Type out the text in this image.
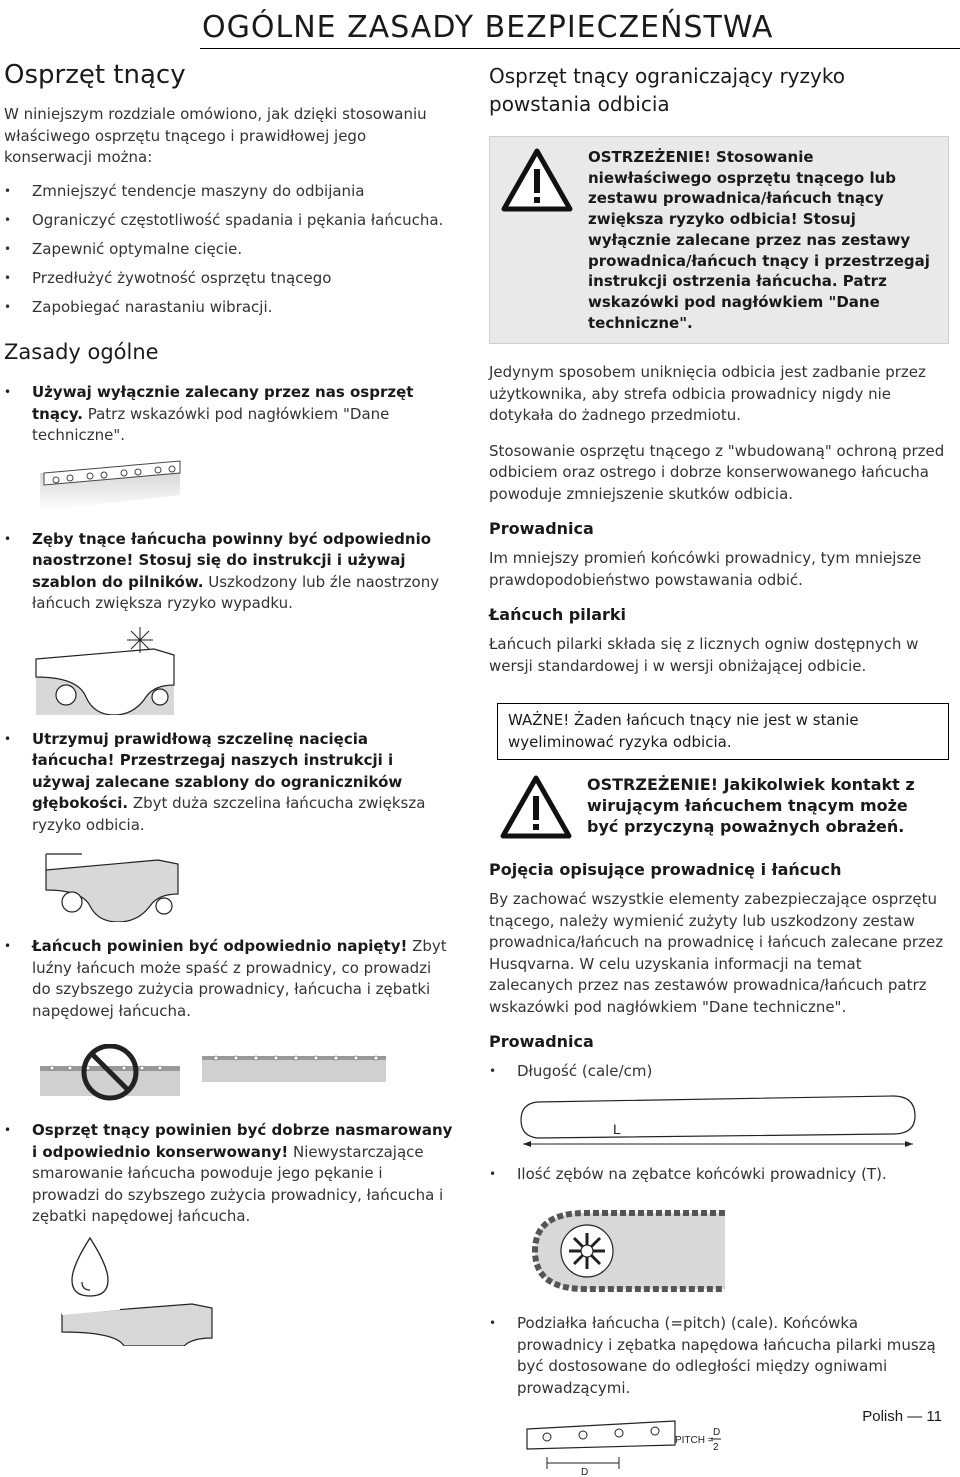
OGÓLNE ZASADY BEZPIECZEŃSTWA
Osprzęt tnący

W niniejszym rozdziale omówiono, jak dzięki stosowaniu właściwego osprzętu tnącego i prawidłowej jego konserwacji można:

• Zmniejszyć tendencje maszyny do odbijania
• Ograniczyć częstotliwość spadania i pękania łańcucha.
• Zapewnić optymalne cięcie.
• Przedłużyć żywotność osprzętu tnącego
• Zapobiegać narastaniu wibracji.
Zasady ogólne
• Używaj wyłącznie zalecany przez nas osprzęt tnący. Patrz wskazówki pod nagłówkiem "Dane techniczne".
• Zęby tnące łańcucha powinny być odpowiednio naostrzone! Stosuj się do instrukcji i używaj szablon do pilników. Uszkodzony lub źle naostrzony łańcuch zwiększa ryzyko wypadku.
• Utrzymuj prawidłową szczelinę nacięcia łańcucha! Przestrzegaj naszych instrukcji i używaj zalecane szablony do ograniczników głębokości. Zbyt duża szczelina łańcucha zwiększa ryzyko odbicia.
• Łańcuch powinien być odpowiednio napięty! Zbyt luźny łańcuch może spaść z prowadnicy, co prowadzi do szybszego zużycia prowadnicy, łańcucha i zębatki napędowej łańcucha.
• Osprzęt tnący powinien być dobrze nasmarowany i odpowiednio konserwowany! Niewystarczające smarowanie łańcucha powoduje jego pękanie i prowadzi do szybszego zużycia prowadnicy, łańcucha i zębatki napędowej łańcucha.
Osprzęt tnący ograniczający ryzyko powstania odbicia

OSTRZEŻENIE! Stosowanie niewłaściwego osprzętu tnącego lub zestawu prowadnica/łańcuch tnący zwiększa ryzyko odbicia! Stosuj wyłącznie zalecane przez nas zestawy prowadnica/łańcuch tnący i przestrzegaj instrukcji ostrzenia łańcucha. Patrz wskazówki pod nagłówkiem "Dane techniczne".

Jedynym sposobem uniknięcia odbicia jest zadbanie przez użytkownika, aby strefa odbicia prowadnicy nigdy nie dotykała do żadnego przedmiotu.

Stosowanie osprzętu tnącego z "wbudowaną" ochroną przed odbiciem oraz ostrego i dobrze konserwowanego łańcucha powoduje zmniejszenie skutków odbicia.

Prowadnica

Im mniejszy promień końcówki prowadnicy, tym mniejsze prawdopodobieństwo powstawania odbić.

Łańcuch pilarki

Łańcuch pilarki składa się z licznych ogniw dostępnych w wersji standardowej i w wersji obniżającej odbicie.

WAŻNE! Żaden łańcuch tnący nie jest w stanie wyeliminować ryzyka odbicia.

OSTRZEŻENIE! Jakikolwiek kontakt z wirującym łańcuchem tnącym może być przyczyną poważnych obrażeń.

Pojęcia opisujące prowadnicę i łańcuch

By zachować wszystkie elementy zabezpieczające osprzętu tnącego, należy wymienić zużyty lub uszkodzony zestaw prowadnica/łańcuch na prowadnicę i łańcuch zalecane przez Husqvarna. W celu uzyskania informacji na temat zalecanych przez nas zestawów prowadnica/łańcuch patrz wskazówki pod nagłówkiem "Dane techniczne".

Prowadnica
• Długość (cale/cm)
L
• Ilość zębów na zębatce końcówki prowadnicy (T).
• Podziałka łańcucha (=pitch) (cale). Końcówka prowadnicy i zębatka napędowa łańcucha pilarki muszą być dostosowane do odległości między ogniwami prowadzącymi.
D
PITCH =
D
2
Polish — 11
